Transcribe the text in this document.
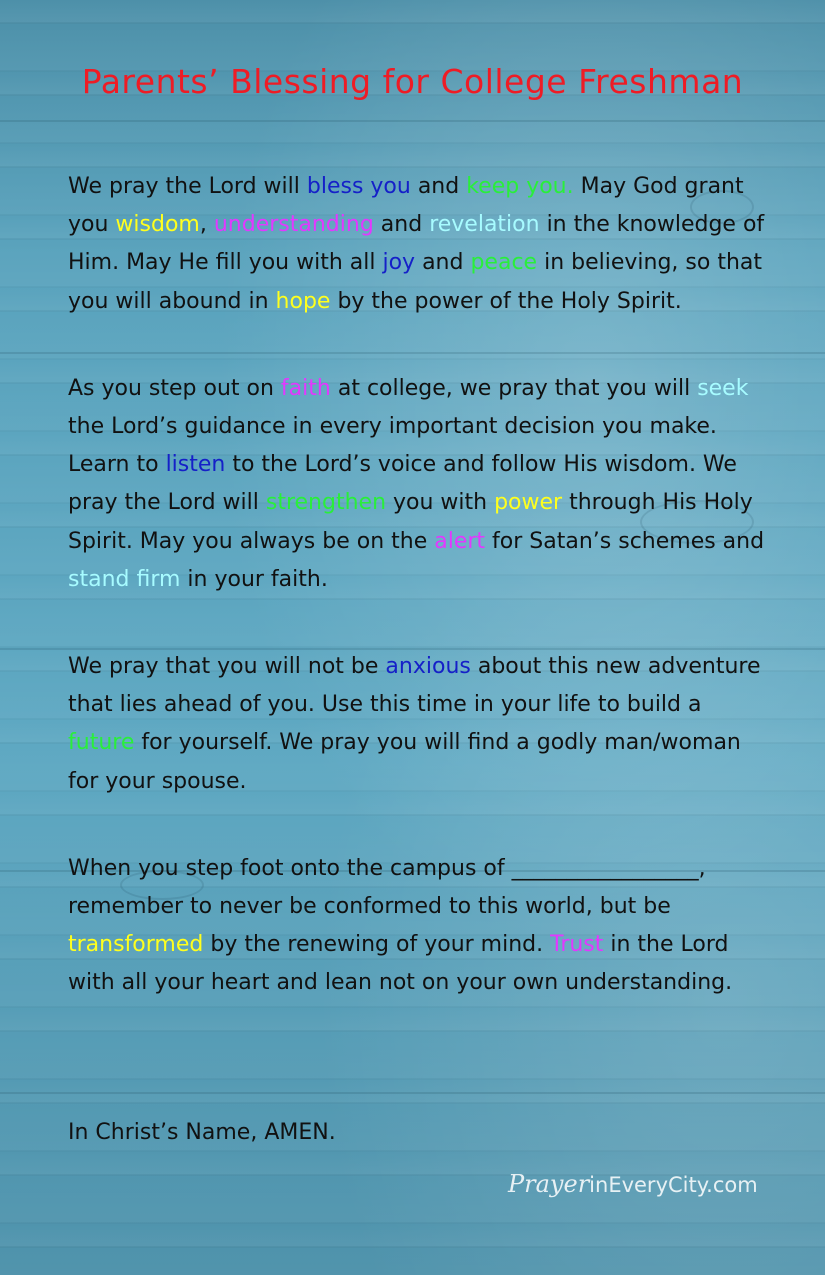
Parents’ Blessing for College Freshman

We pray the Lord will bless you and keep you. May God grant you wisdom, understanding and revelation in the knowledge of Him. May He fill you with all joy and peace in believing, so that you will abound in hope by the power of the Holy Spirit.

As you step out on faith at college, we pray that you will seek the Lord’s guidance in every important decision you make. Learn to listen to the Lord’s voice and follow His wisdom. We pray the Lord will strengthen you with power through His Holy Spirit. May you always be on the alert for Satan’s schemes and stand firm in your faith.

We pray that you will not be anxious about this new adventure that lies ahead of you. Use this time in your life to build a future for yourself. We pray you will find a godly man/woman for your spouse.

When you step foot onto the campus of _________________, remember to never be conformed to this world, but be transformed by the renewing of your mind. Trust in the Lord with all your heart and lean not on your own understanding.

In Christ’s Name, AMEN.
PrayerinEveryCity.com
